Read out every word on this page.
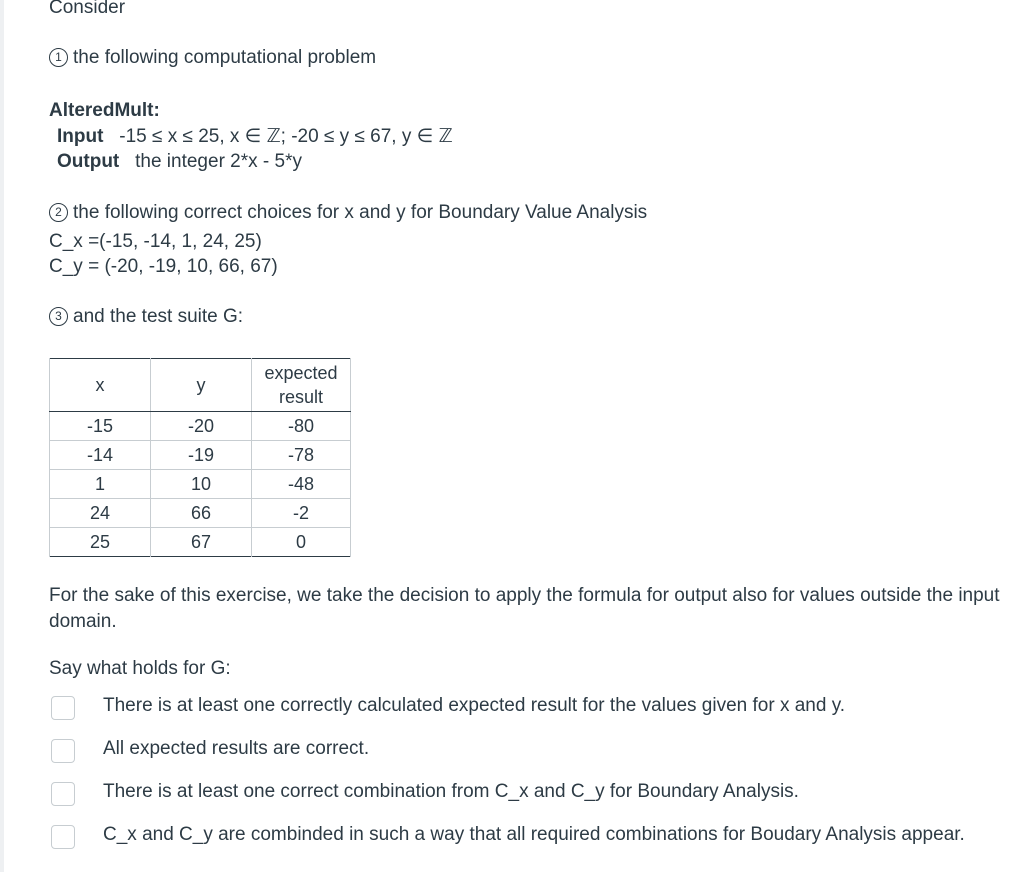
Consider
1 the following computational problem
AlteredMult:
Input -15 ≤ x ≤ 25, x ∈ ℤ; -20 ≤ y ≤ 67, y ∈ ℤ
Output the integer 2*x - 5*y
2 the following correct choices for x and y for Boundary Value Analysis
C_x =(-15, -14, 1, 24, 25)
C_y = (-20, -19, 10, 66, 67)
3 and the test suite G:
x	y	expected result
-15	-20	-80
-14	-19	-78
1	10	-48
24	66	-2
25	67	0
For the sake of this exercise, we take the decision to apply the formula for output also for values outside the input domain.
Say what holds for G:
There is at least one correctly calculated expected result for the values given for x and y.
All expected results are correct.
There is at least one correct combination from C_x and C_y for Boundary Analysis.
C_x and C_y are combinded in such a way that all required combinations for Boudary Analysis appear.
